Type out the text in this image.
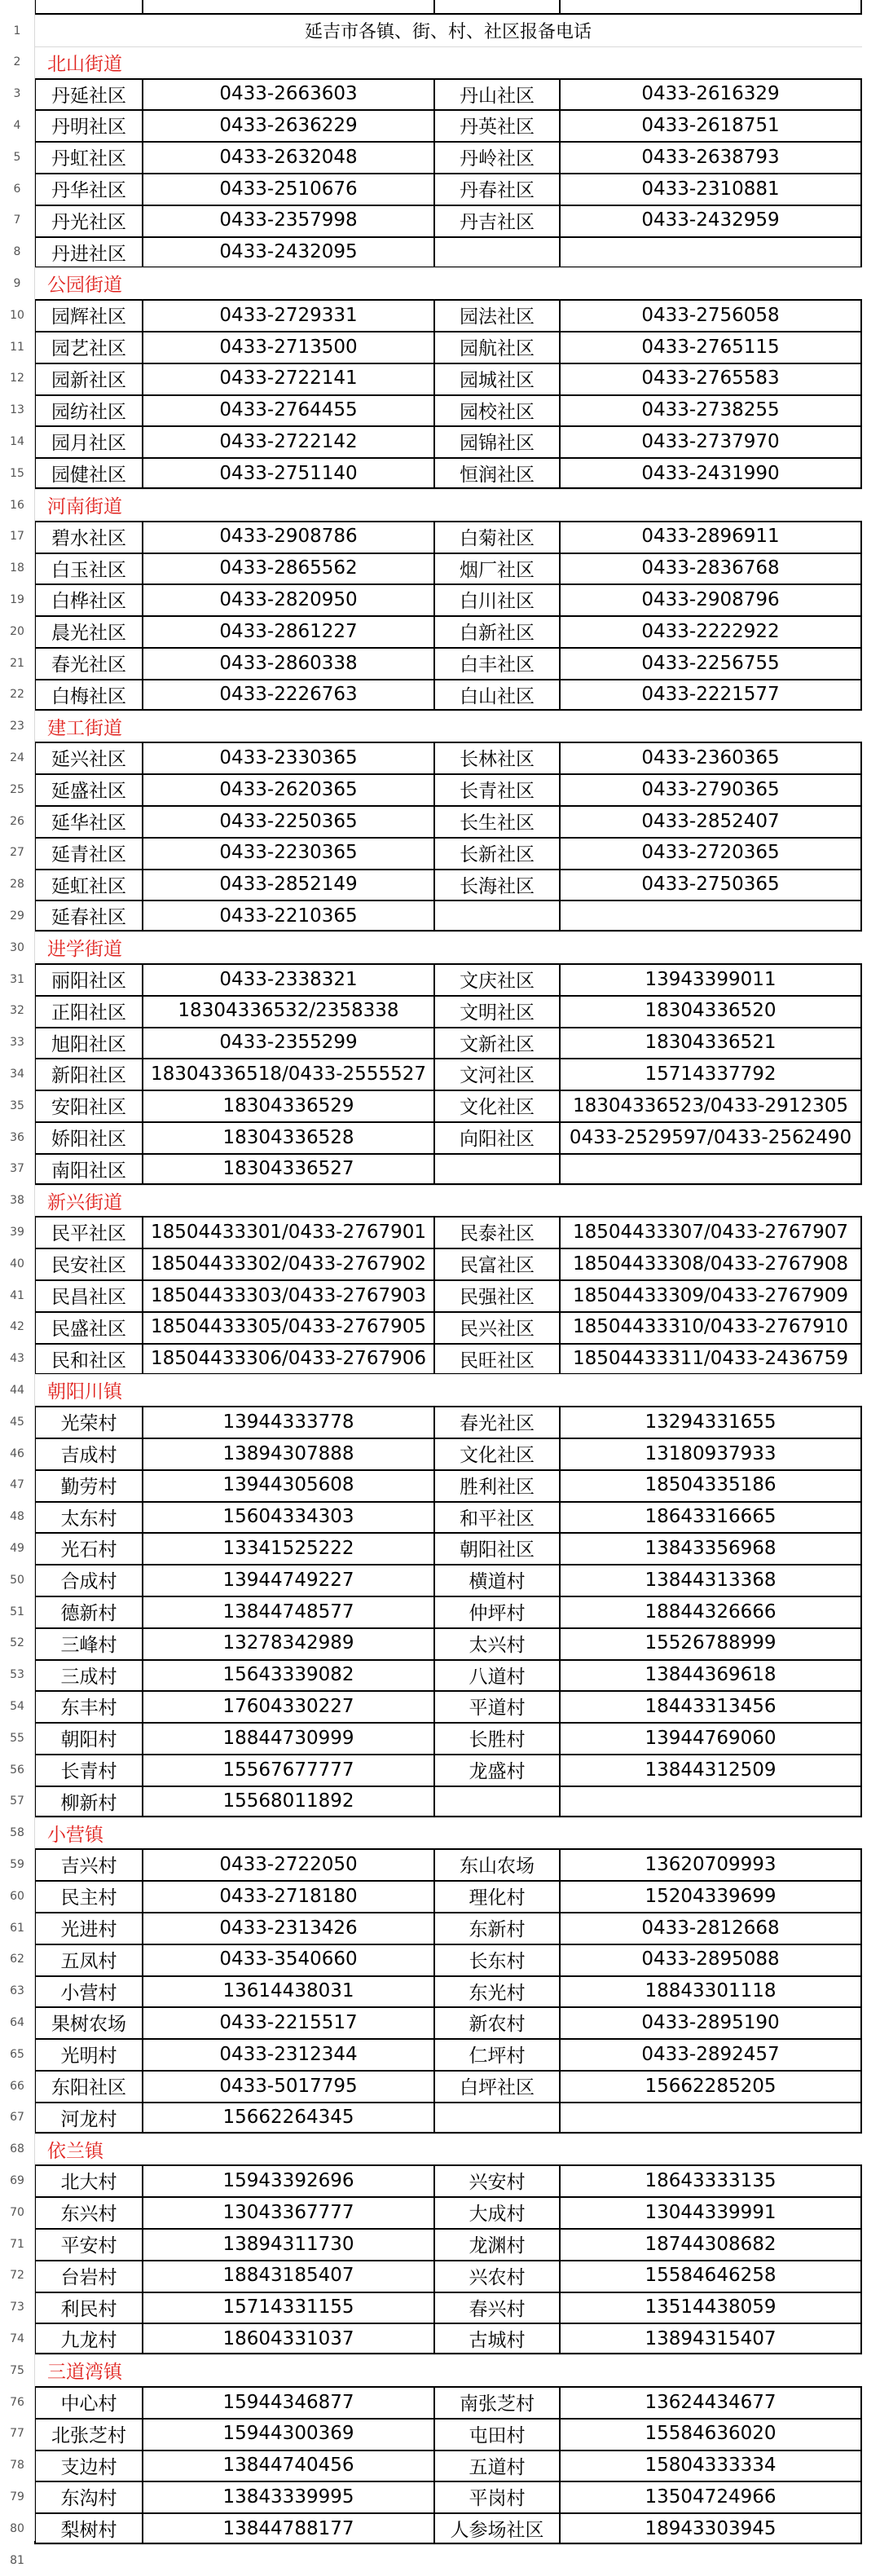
1	延吉市各镇、街、村、社区报备电话
2	北山街道
3	丹延社区	0433-2663603	丹山社区	0433-2616329
4	丹明社区	0433-2636229	丹英社区	0433-2618751
5	丹虹社区	0433-2632048	丹岭社区	0433-2638793
6	丹华社区	0433-2510676	丹春社区	0433-2310881
7	丹光社区	0433-2357998	丹吉社区	0433-2432959
8	丹进社区	0433-2432095
9	公园街道
10	园辉社区	0433-2729331	园法社区	0433-2756058
11	园艺社区	0433-2713500	园航社区	0433-2765115
12	园新社区	0433-2722141	园城社区	0433-2765583
13	园纺社区	0433-2764455	园校社区	0433-2738255
14	园月社区	0433-2722142	园锦社区	0433-2737970
15	园健社区	0433-2751140	恒润社区	0433-2431990
16	河南街道
17	碧水社区	0433-2908786	白菊社区	0433-2896911
18	白玉社区	0433-2865562	烟厂社区	0433-2836768
19	白桦社区	0433-2820950	白川社区	0433-2908796
20	晨光社区	0433-2861227	白新社区	0433-2222922
21	春光社区	0433-2860338	白丰社区	0433-2256755
22	白梅社区	0433-2226763	白山社区	0433-2221577
23	建工街道
24	延兴社区	0433-2330365	长林社区	0433-2360365
25	延盛社区	0433-2620365	长青社区	0433-2790365
26	延华社区	0433-2250365	长生社区	0433-2852407
27	延青社区	0433-2230365	长新社区	0433-2720365
28	延虹社区	0433-2852149	长海社区	0433-2750365
29	延春社区	0433-2210365
30	进学街道
31	丽阳社区	0433-2338321	文庆社区	13943399011
32	正阳社区	18304336532/2358338	文明社区	18304336520
33	旭阳社区	0433-2355299	文新社区	18304336521
34	新阳社区	18304336518/0433-2555527	文河社区	15714337792
35	安阳社区	18304336529	文化社区	18304336523/0433-2912305
36	娇阳社区	18304336528	向阳社区	0433-2529597/0433-2562490
37	南阳社区	18304336527
38	新兴街道
39	民平社区	18504433301/0433-2767901	民泰社区	18504433307/0433-2767907
40	民安社区	18504433302/0433-2767902	民富社区	18504433308/0433-2767908
41	民昌社区	18504433303/0433-2767903	民强社区	18504433309/0433-2767909
42	民盛社区	18504433305/0433-2767905	民兴社区	18504433310/0433-2767910
43	民和社区	18504433306/0433-2767906	民旺社区	18504433311/0433-2436759
44	朝阳川镇
45	光荣村	13944333778	春光社区	13294331655
46	吉成村	13894307888	文化社区	13180937933
47	勤劳村	13944305608	胜利社区	18504335186
48	太东村	15604334303	和平社区	18643316665
49	光石村	13341525222	朝阳社区	13843356968
50	合成村	13944749227	横道村	13844313368
51	德新村	13844748577	仲坪村	18844326666
52	三峰村	13278342989	太兴村	15526788999
53	三成村	15643339082	八道村	13844369618
54	东丰村	17604330227	平道村	18443313456
55	朝阳村	18844730999	长胜村	13944769060
56	长青村	15567677777	龙盛村	13844312509
57	柳新村	15568011892
58	小营镇
59	吉兴村	0433-2722050	东山农场	13620709993
60	民主村	0433-2718180	理化村	15204339699
61	光进村	0433-2313426	东新村	0433-2812668
62	五凤村	0433-3540660	长东村	0433-2895088
63	小营村	13614438031	东光村	18843301118
64	果树农场	0433-2215517	新农村	0433-2895190
65	光明村	0433-2312344	仁坪村	0433-2892457
66	东阳社区	0433-5017795	白坪社区	15662285205
67	河龙村	15662264345
68	依兰镇
69	北大村	15943392696	兴安村	18643333135
70	东兴村	13043367777	大成村	13044339991
71	平安村	13894311730	龙渊村	18744308682
72	台岩村	18843185407	兴农村	15584646258
73	利民村	15714331155	春兴村	13514438059
74	九龙村	18604331037	古城村	13894315407
75	三道湾镇
76	中心村	15944346877	南张芝村	13624434677
77	北张芝村	15944300369	屯田村	15584636020
78	支边村	13844740456	五道村	15804333334
79	东沟村	13843339995	平岗村	13504724966
80	梨树村	13844788177	人参场社区	18943303945
81
